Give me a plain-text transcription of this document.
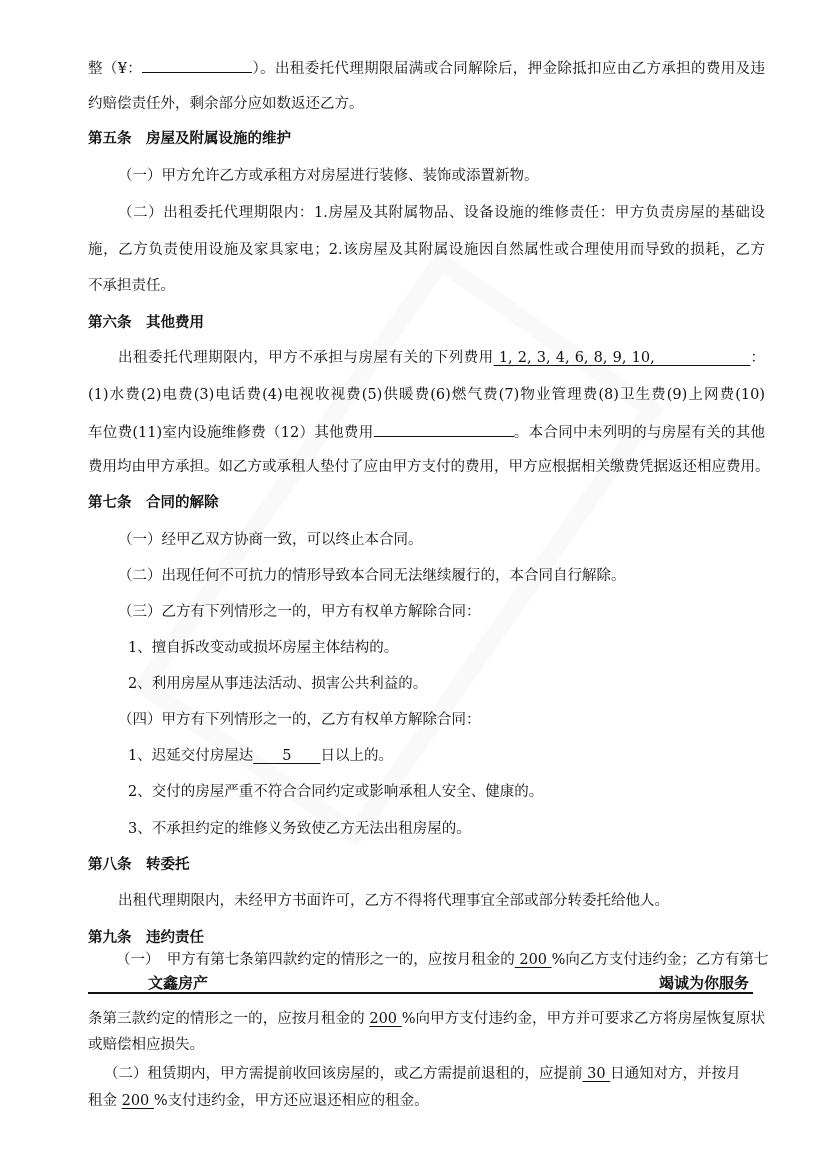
整（¥：	）。出租委托代理期限届满或合同解除后，押金除抵扣应由乙方承担的费用及违
约赔偿责任外，剩余部分应如数返还乙方。
第五条　房屋及附属设施的维护
（一）甲方允许乙方或承租方对房屋进行装修、装饰或添置新物。
（二）出租委托代理期限内：1.房屋及其附属物品、设备设施的维修责任：甲方负责房屋的基础设
施，乙方负责使用设施及家具家电；2.该房屋及其附属设施因自然属性或合理使用而导致的损耗，乙方
不承担责任。
第六条　其他费用
出租委托代理期限内，甲方不承担与房屋有关的下列费用 1, 2, 3, 4, 6, 8, 9, 10,　　　　　　 ：
(1)水费(2)电费(3)电话费(4)电视收视费(5)供暖费(6)燃气费(7)物业管理费(8)卫生费(9)上网费(10)
车位费(11)室内设施维修费（12）其他费用	。本合同中未列明的与房屋有关的其他
费用均由甲方承担。如乙方或承租人垫付了应由甲方支付的费用，甲方应根据相关缴费凭据返还相应费用。
第七条　合同的解除
（一）经甲乙双方协商一致，可以终止本合同。
（二）出现任何不可抗力的情形导致本合同无法继续履行的，本合同自行解除。
（三）乙方有下列情形之一的，甲方有权单方解除合同：
1、擅自拆改变动或损坏房屋主体结构的。
2、利用房屋从事违法活动、损害公共利益的。
（四）甲方有下列情形之一的，乙方有权单方解除合同：
1、迟延交付房屋达　　5　　日以上的。
2、交付的房屋严重不符合合同约定或影响承租人安全、健康的。
3、不承担约定的维修义务致使乙方无法出租房屋的。
第八条　转委托
出租代理期限内，未经甲方书面许可，乙方不得将代理事宜全部或部分转委托给他人。
第九条　违约责任
（一）　甲方有第七条第四款约定的情形之一的，应按月租金的 200 %向乙方支付违约金；乙方有第七
条第三款约定的情形之一的，应按月租金的 200 %向甲方支付违约金，甲方并可要求乙方将房屋恢复原状
或赔偿相应损失。
（二）租赁期内，甲方需提前收回该房屋的，或乙方需提前退租的，应提前 30 日通知对方，并按月
租金 200 %支付违约金，甲方还应退还相应的租金。
文鑫房产	竭诚为你服务
